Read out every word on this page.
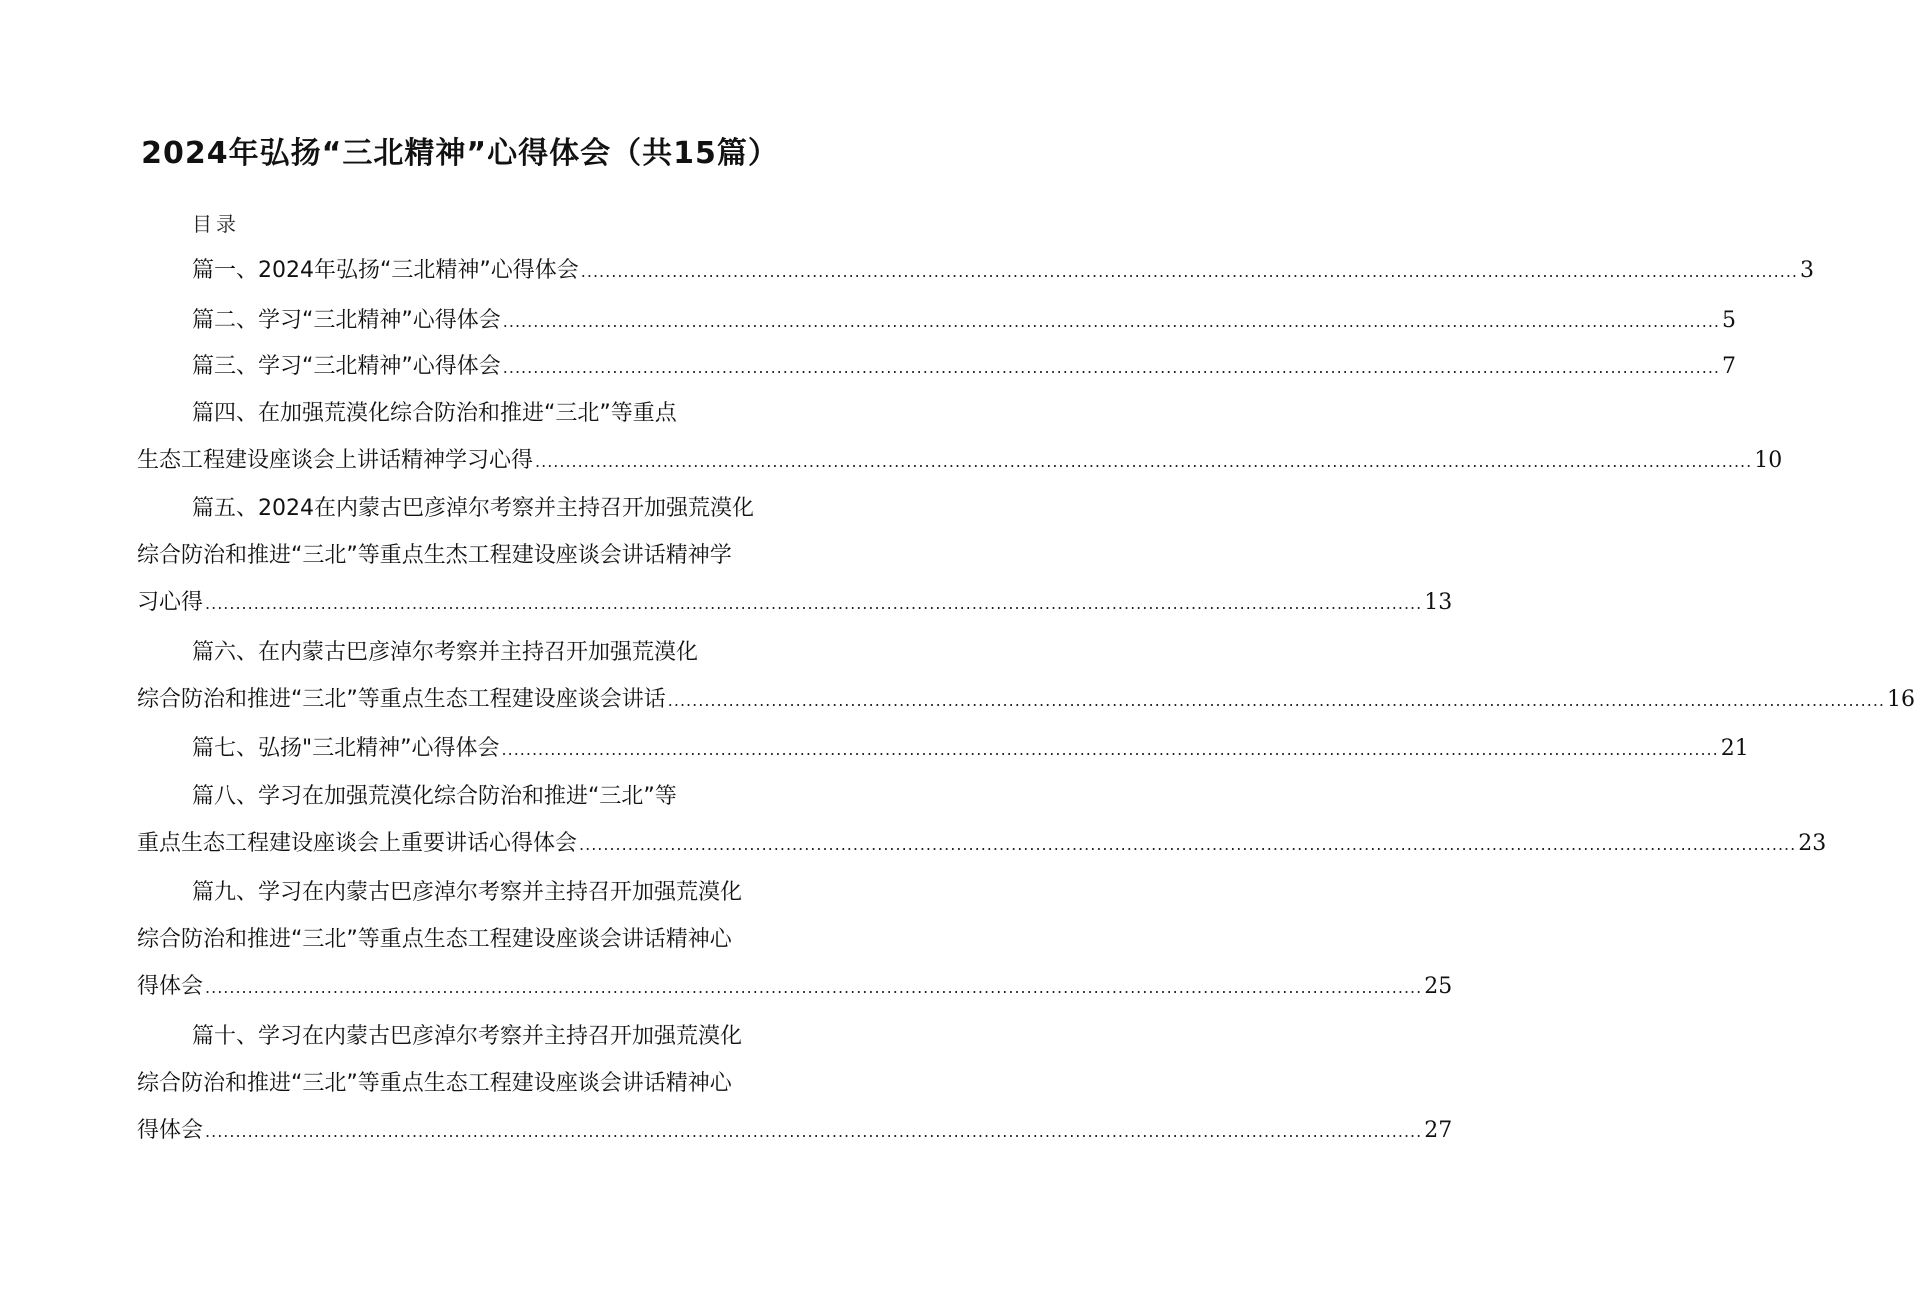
2024年弘扬“三北精神”心得体会（共15篇）
目录
篇一、2024年弘扬“三北精神”心得体会 ........................................................................................................................................................................................................ 3
篇二、学习“三北精神”心得体会 ........................................................................................................................................................................................................ 5
篇三、学习“三北精神”心得体会 ........................................................................................................................................................................................................ 7
篇四、在加强荒漠化综合防治和推进“三北”等重点
生态工程建设座谈会上讲话精神学习心得 ........................................................................................................................................................................................................ 10
篇五、2024在内蒙古巴彦淖尔考察并主持召开加强荒漠化
综合防治和推进“三北”等重点生杰工程建设座谈会讲话精神学
习心得 ........................................................................................................................................................................................................ 13
篇六、在内蒙古巴彦淖尔考察并主持召开加强荒漠化
综合防治和推进“三北”等重点生态工程建设座谈会讲话 ........................................................................................................................................................................................................ 16
篇七、弘扬"三北精神”心得体会 ........................................................................................................................................................................................................ 21
篇八、学习在加强荒漠化综合防治和推进“三北”等
重点生态工程建设座谈会上重要讲话心得体会 ........................................................................................................................................................................................................ 23
篇九、学习在内蒙古巴彦淖尔考察并主持召开加强荒漠化
综合防治和推进“三北”等重点生态工程建设座谈会讲话精神心
得体会 ........................................................................................................................................................................................................ 25
篇十、学习在内蒙古巴彦淖尔考察并主持召开加强荒漠化
综合防治和推进“三北”等重点生态工程建设座谈会讲话精神心
得体会 ........................................................................................................................................................................................................ 27
